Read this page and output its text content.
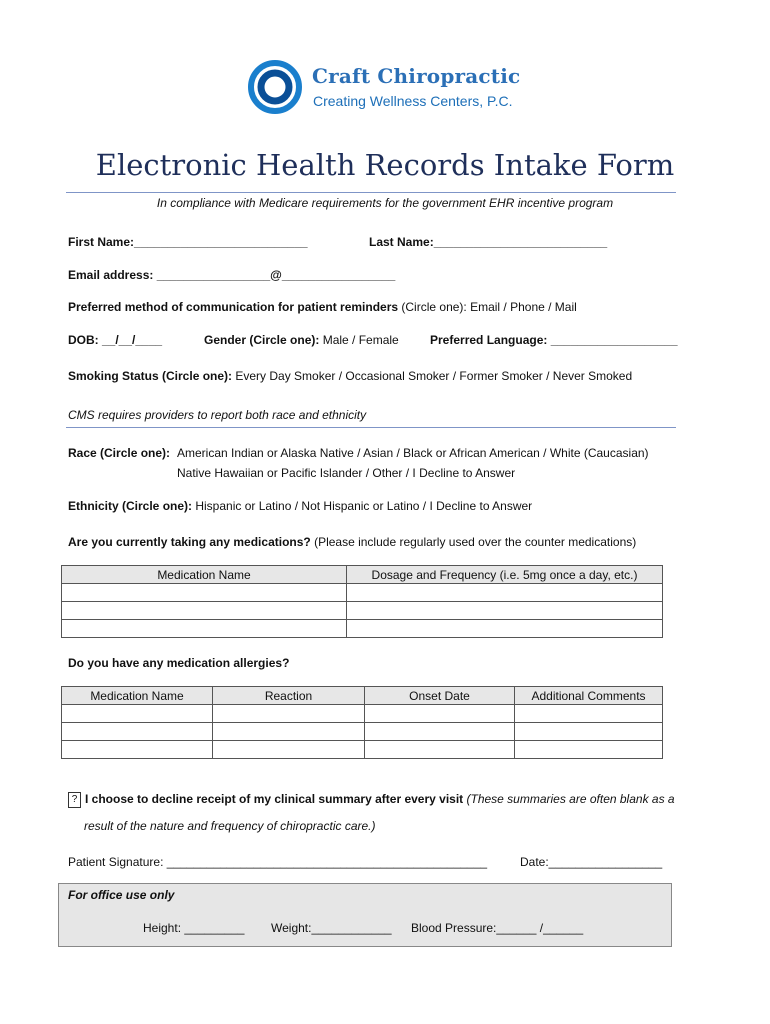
Craft Chiropractic
Creating Wellness Centers, P.C.
Electronic Health Records Intake Form
In compliance with Medicare requirements for the government EHR incentive program
First Name:__________________________	Last Name:__________________________
Email address: _________________@_________________
Preferred method of communication for patient reminders (Circle one): Email / Phone / Mail
DOB: __/__/____	Gender (Circle one): Male / Female	Preferred Language: ___________________
Smoking Status (Circle one): Every Day Smoker / Occasional Smoker / Former Smoker / Never Smoked
CMS requires providers to report both race and ethnicity
Race (Circle one): American Indian or Alaska Native / Asian / Black or African American / White (Caucasian)
Native Hawaiian or Pacific Islander / Other / I Decline to Answer
Ethnicity (Circle one): Hispanic or Latino / Not Hispanic or Latino / I Decline to Answer
Are you currently taking any medications? (Please include regularly used over the counter medications)
Medication Name	Dosage and Frequency (i.e. 5mg once a day, etc.)

Do you have any medication allergies?
Medication Name	Reaction	Onset Date	Additional Comments

? I choose to decline receipt of my clinical summary after every visit (These summaries are often blank as a
result of the nature and frequency of chiropractic care.)
Patient Signature: ________________________________________________	Date:_________________
For office use only
Height: _________ Weight:____________ Blood Pressure:______ /______
